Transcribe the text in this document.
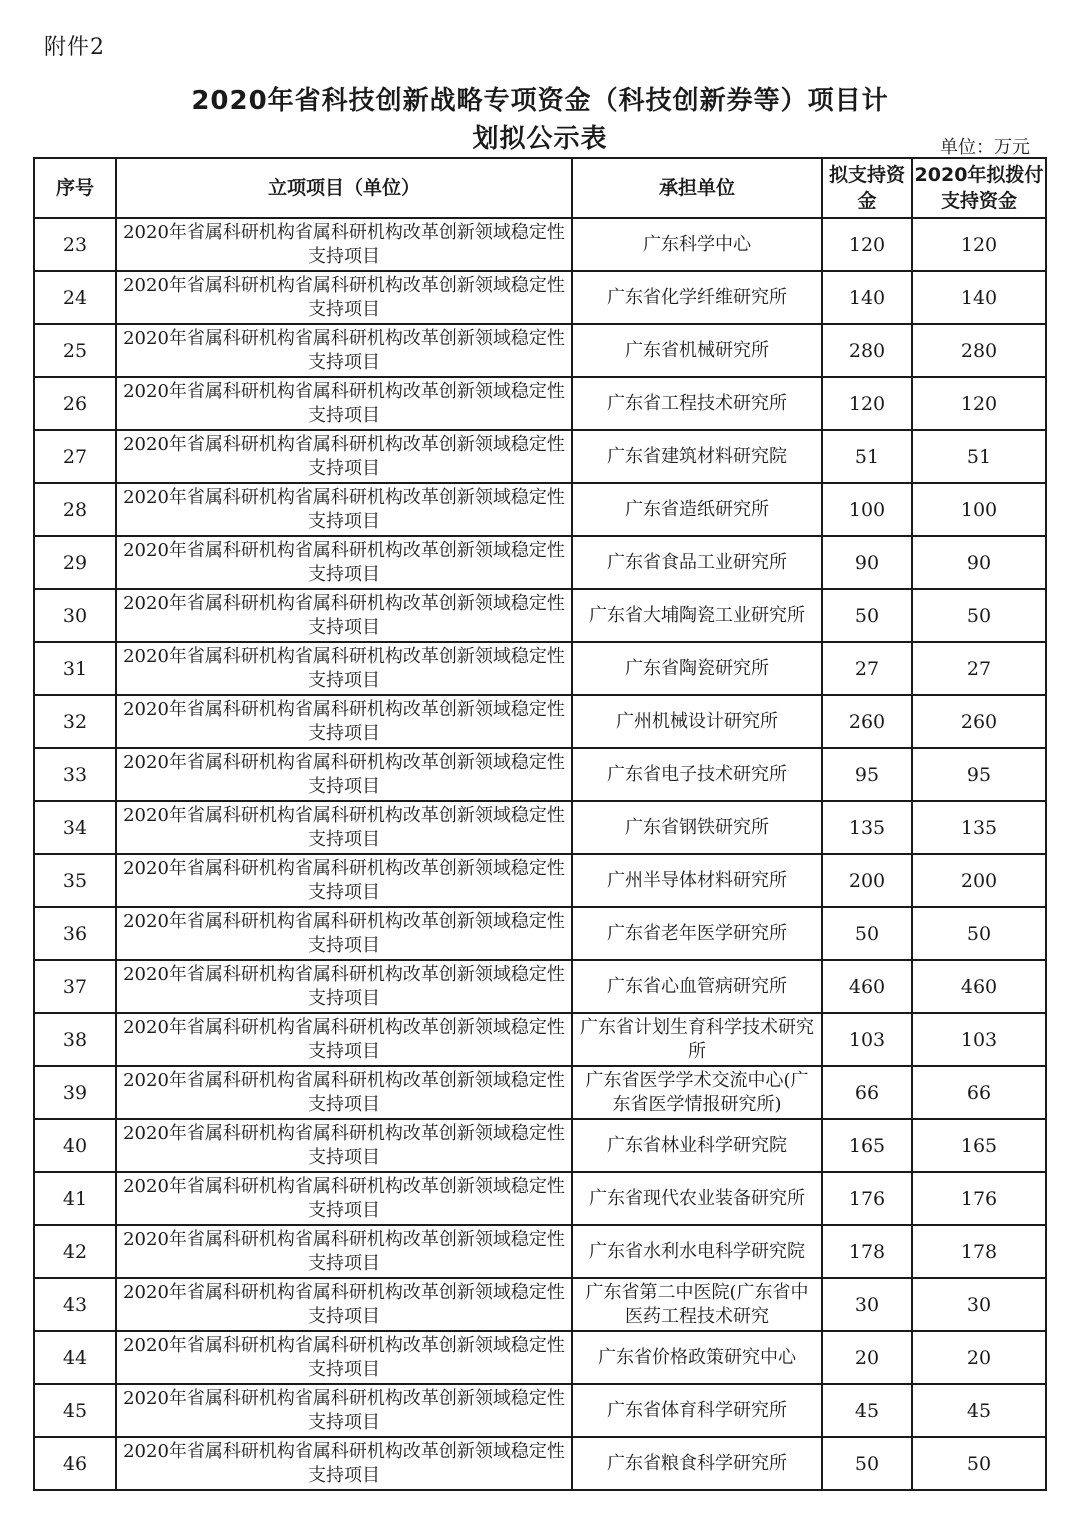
附件2
2020年省科技创新战略专项资金（科技创新券等）项目计
划拟公示表	单位：万元
序号	立项项目（单位）	承担单位	拟支持资金	2020年拟拨付支持资金
23	2020年省属科研机构省属科研机构改革创新领域稳定性支持项目	广东科学中心	120	120
24	2020年省属科研机构省属科研机构改革创新领域稳定性支持项目	广东省化学纤维研究所	140	140
25	2020年省属科研机构省属科研机构改革创新领域稳定性支持项目	广东省机械研究所	280	280
26	2020年省属科研机构省属科研机构改革创新领域稳定性支持项目	广东省工程技术研究所	120	120
27	2020年省属科研机构省属科研机构改革创新领域稳定性支持项目	广东省建筑材料研究院	51	51
28	2020年省属科研机构省属科研机构改革创新领域稳定性支持项目	广东省造纸研究所	100	100
29	2020年省属科研机构省属科研机构改革创新领域稳定性支持项目	广东省食品工业研究所	90	90
30	2020年省属科研机构省属科研机构改革创新领域稳定性支持项目	广东省大埔陶瓷工业研究所	50	50
31	2020年省属科研机构省属科研机构改革创新领域稳定性支持项目	广东省陶瓷研究所	27	27
32	2020年省属科研机构省属科研机构改革创新领域稳定性支持项目	广州机械设计研究所	260	260
33	2020年省属科研机构省属科研机构改革创新领域稳定性支持项目	广东省电子技术研究所	95	95
34	2020年省属科研机构省属科研机构改革创新领域稳定性支持项目	广东省钢铁研究所	135	135
35	2020年省属科研机构省属科研机构改革创新领域稳定性支持项目	广州半导体材料研究所	200	200
36	2020年省属科研机构省属科研机构改革创新领域稳定性支持项目	广东省老年医学研究所	50	50
37	2020年省属科研机构省属科研机构改革创新领域稳定性支持项目	广东省心血管病研究所	460	460
38	2020年省属科研机构省属科研机构改革创新领域稳定性支持项目	广东省计划生育科学技术研究所	103	103
39	2020年省属科研机构省属科研机构改革创新领域稳定性支持项目	广东省医学学术交流中心(广东省医学情报研究所)	66	66
40	2020年省属科研机构省属科研机构改革创新领域稳定性支持项目	广东省林业科学研究院	165	165
41	2020年省属科研机构省属科研机构改革创新领域稳定性支持项目	广东省现代农业装备研究所	176	176
42	2020年省属科研机构省属科研机构改革创新领域稳定性支持项目	广东省水利水电科学研究院	178	178
43	2020年省属科研机构省属科研机构改革创新领域稳定性支持项目	广东省第二中医院(广东省中医药工程技术研究	30	30
44	2020年省属科研机构省属科研机构改革创新领域稳定性支持项目	广东省价格政策研究中心	20	20
45	2020年省属科研机构省属科研机构改革创新领域稳定性支持项目	广东省体育科学研究所	45	45
46	2020年省属科研机构省属科研机构改革创新领域稳定性支持项目	广东省粮食科学研究所	50	50
